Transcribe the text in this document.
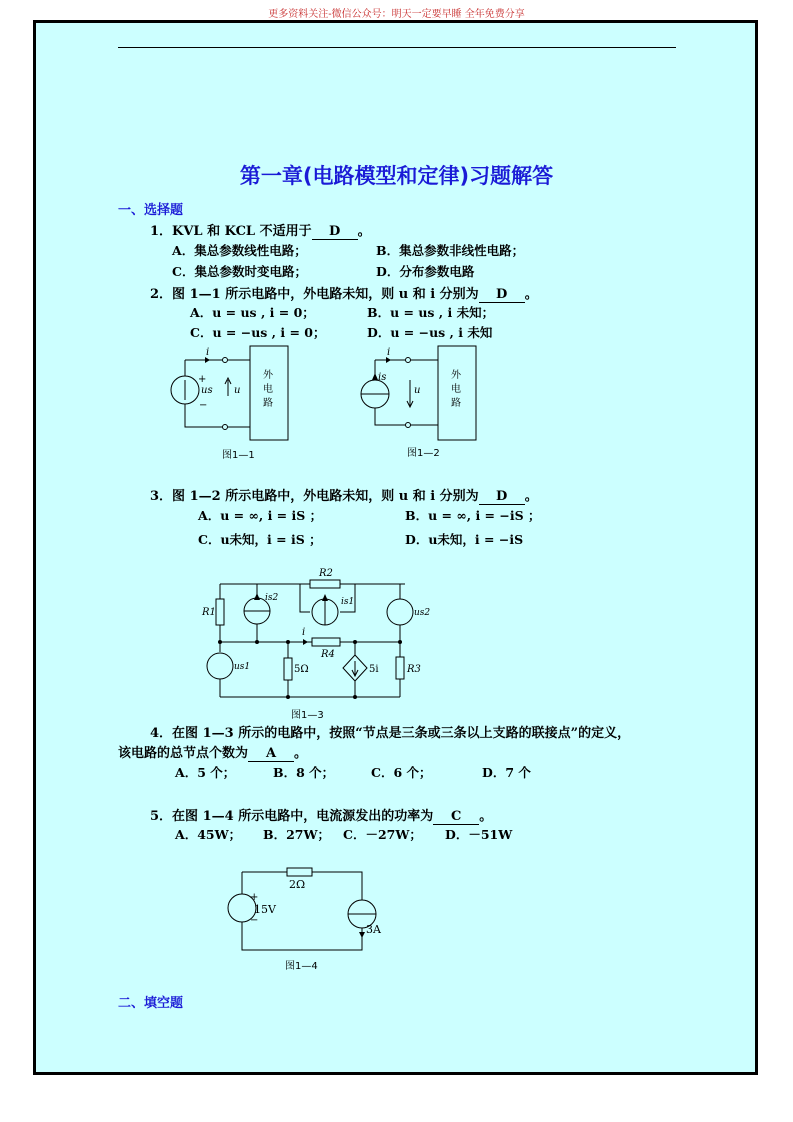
更多资料关注-微信公众号：明天一定要早睡 全年免费分享
第一章(电路模型和定律)习题解答
一、选择题
1．KVL 和 KCL 不适用于 D 。
A．集总参数线性电路；	B．集总参数非线性电路；
C．集总参数时变电路；	D．分布参数电路
2．图 1—1 所示电路中，外电路未知，则 u 和 i 分别为 D 。
A．u = us , i = 0；	B．u = us , i 未知；
C．u = −us , i = 0；	D．u = −us , i 未知
i
+
us
−
u
外
电
路
图1—1
i
is
u
外
电
路
图1—2
3．图 1—2 所示电路中，外电路未知，则 u 和 i 分别为 D 。
A．u = ∞, i = iS ；	B．u = ∞, i = −iS ；
C．u未知，i = iS ；	D．u未知，i = −iS
R1
R2
R3
R4
is2	is1
us2
us1	5Ω	5i
i
图1—3
4．在图 1—3 所示的电路中，按照“节点是三条或三条以上支路的联接点”的定义，
该电路的总节点个数为 A 。
A．5 个；	B．8 个；	C．6 个；	D．7 个
5．在图 1—4 所示电路中，电流源发出的功率为 C 。
A．45W； B．27W； C．－27W； D．－51W
+
−
2Ω
15V
3A
图1—4
二、填空题
